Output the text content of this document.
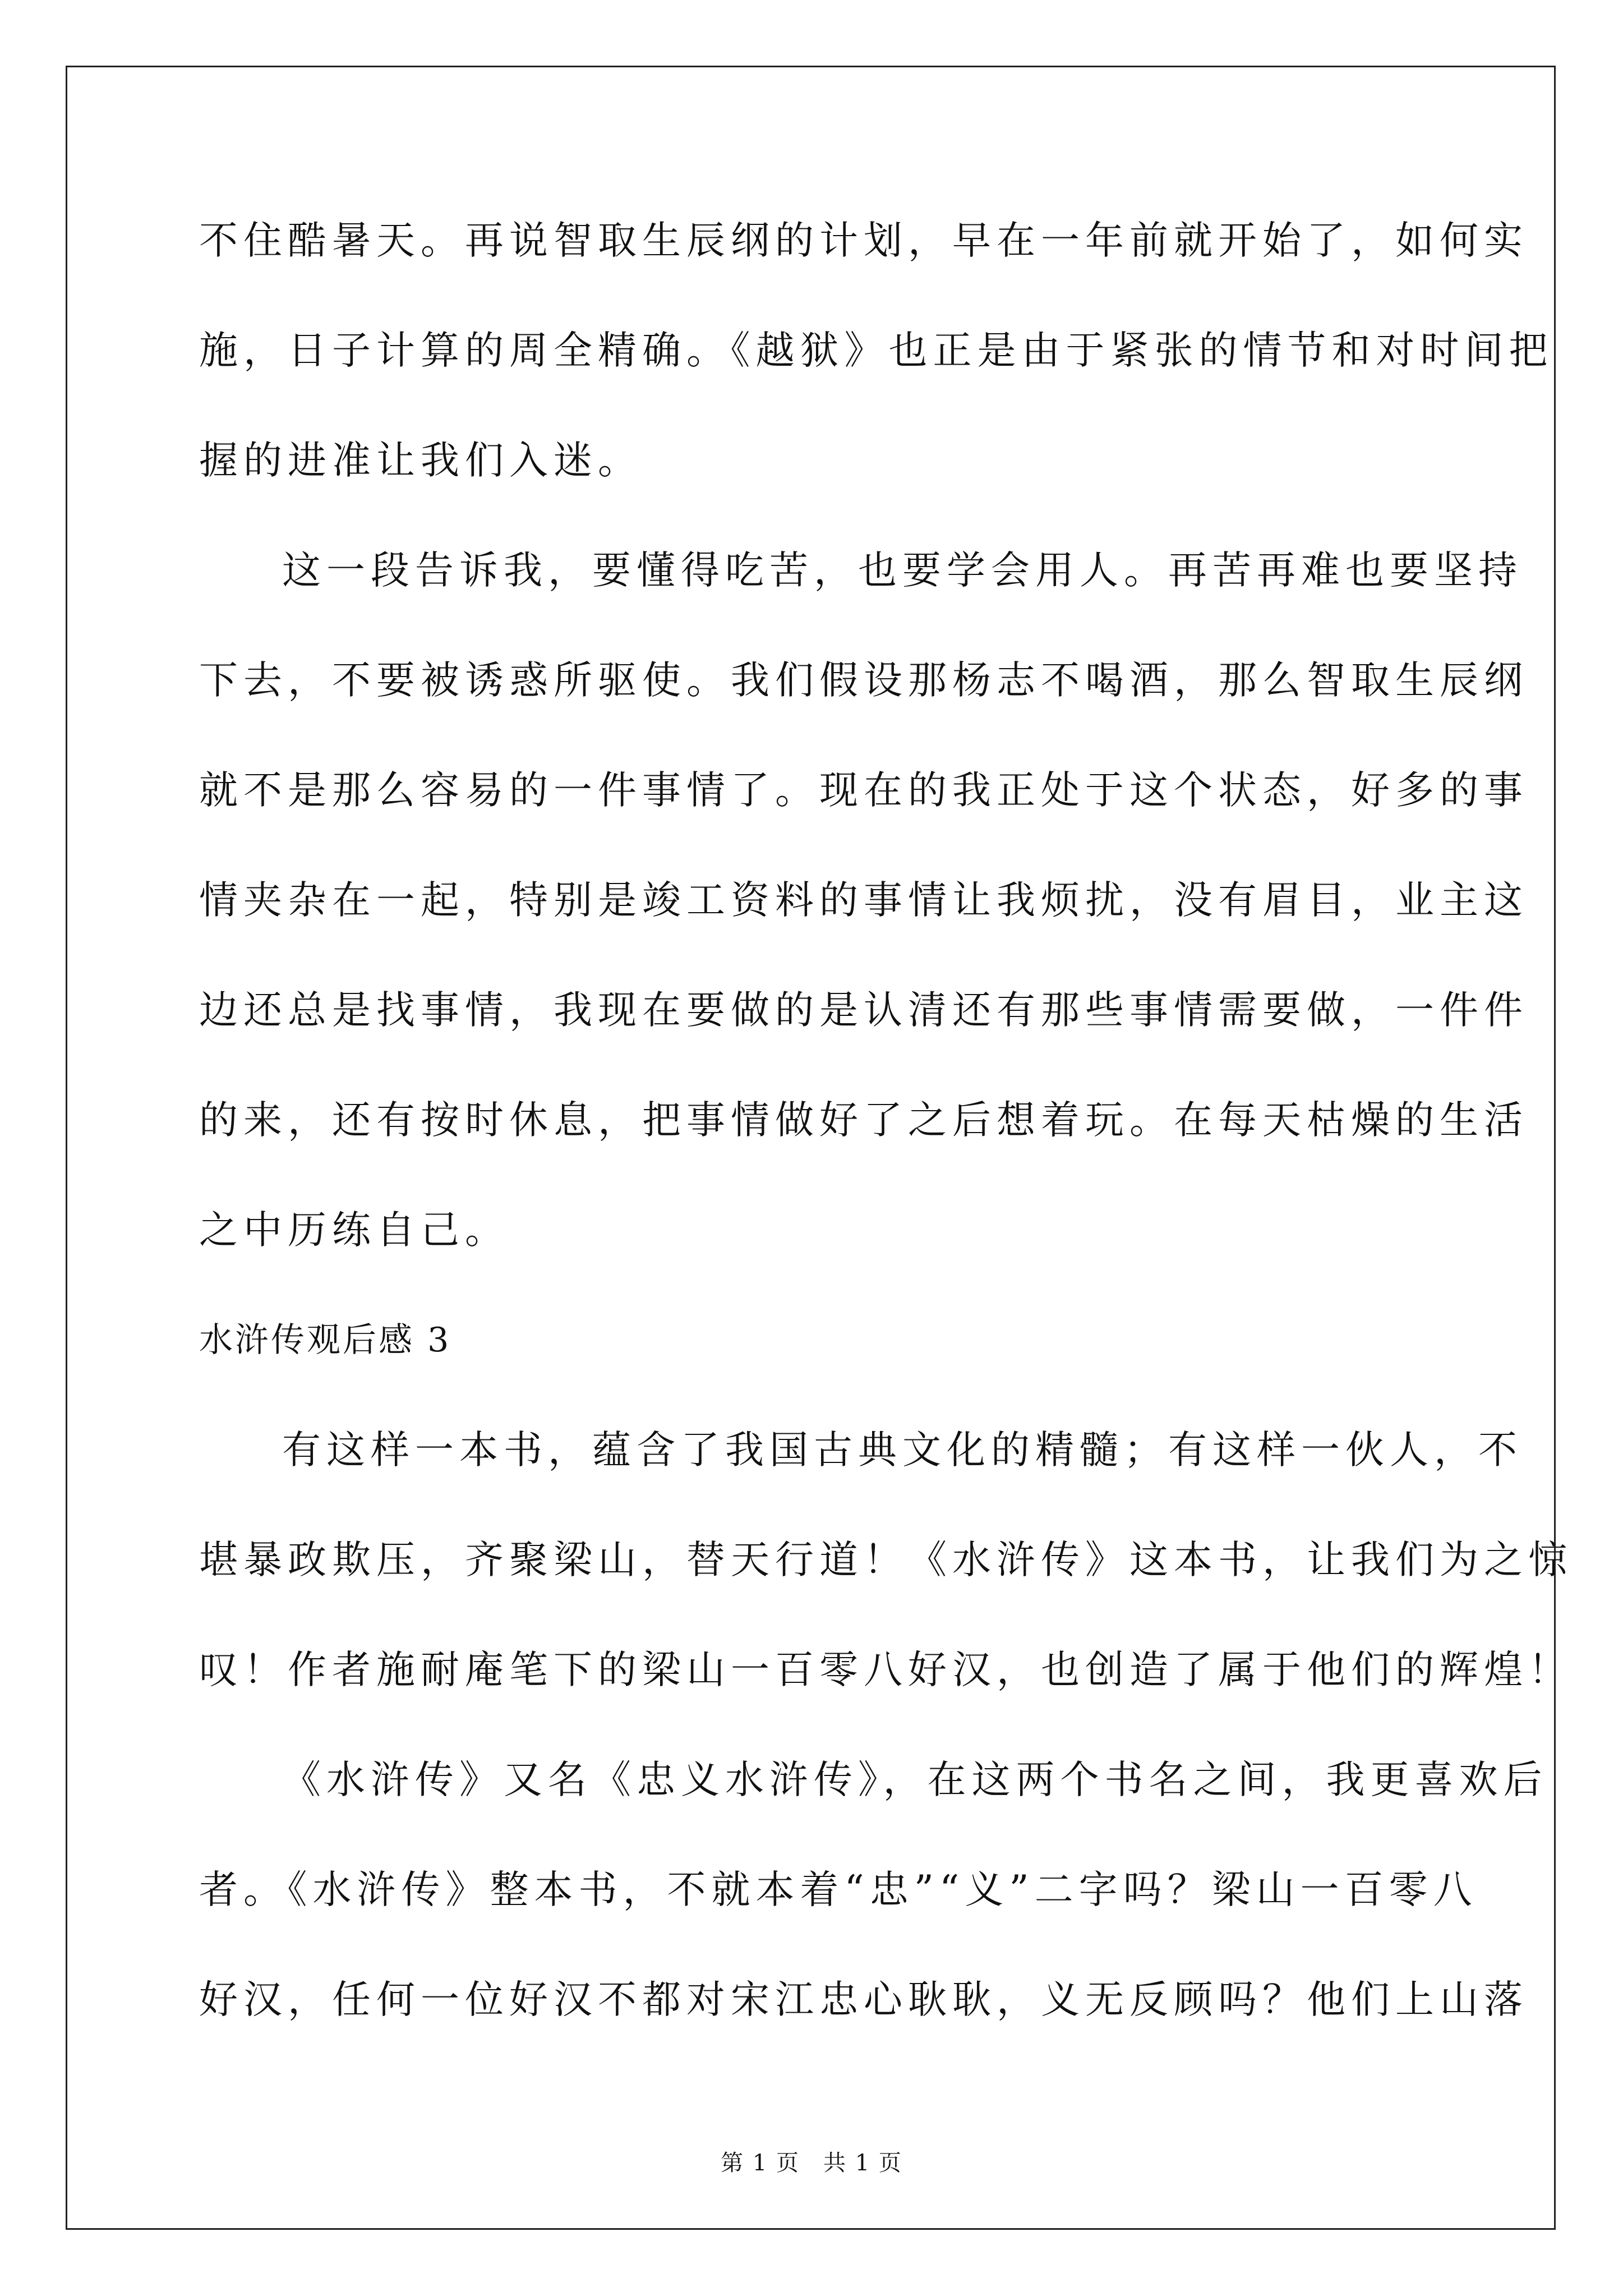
不住酷暑天。再说智取生辰纲的计划，早在一年前就开始了，如何实
施，日子计算的周全精确。《越狱》也正是由于紧张的情节和对时间把
握的进准让我们入迷。
这一段告诉我，要懂得吃苦，也要学会用人。再苦再难也要坚持
下去，不要被诱惑所驱使。我们假设那杨志不喝酒，那么智取生辰纲
就不是那么容易的一件事情了。现在的我正处于这个状态，好多的事
情夹杂在一起，特别是竣工资料的事情让我烦扰，没有眉目，业主这
边还总是找事情，我现在要做的是认清还有那些事情需要做，一件件
的来，还有按时休息，把事情做好了之后想着玩。在每天枯燥的生活
之中历练自己。
水浒传观后感 3
有这样一本书，蕴含了我国古典文化的精髓；有这样一伙人，不
堪暴政欺压，齐聚梁山，替天行道！《水浒传》这本书，让我们为之惊
叹！作者施耐庵笔下的梁山一百零八好汉，也创造了属于他们的辉煌！
《水浒传》又名《忠义水浒传》，在这两个书名之间，我更喜欢后
者。《水浒传》整本书，不就本着“忠”“义”二字吗？梁山一百零八
好汉，任何一位好汉不都对宋江忠心耿耿，义无反顾吗？他们上山落
第 1 页　共 1 页
